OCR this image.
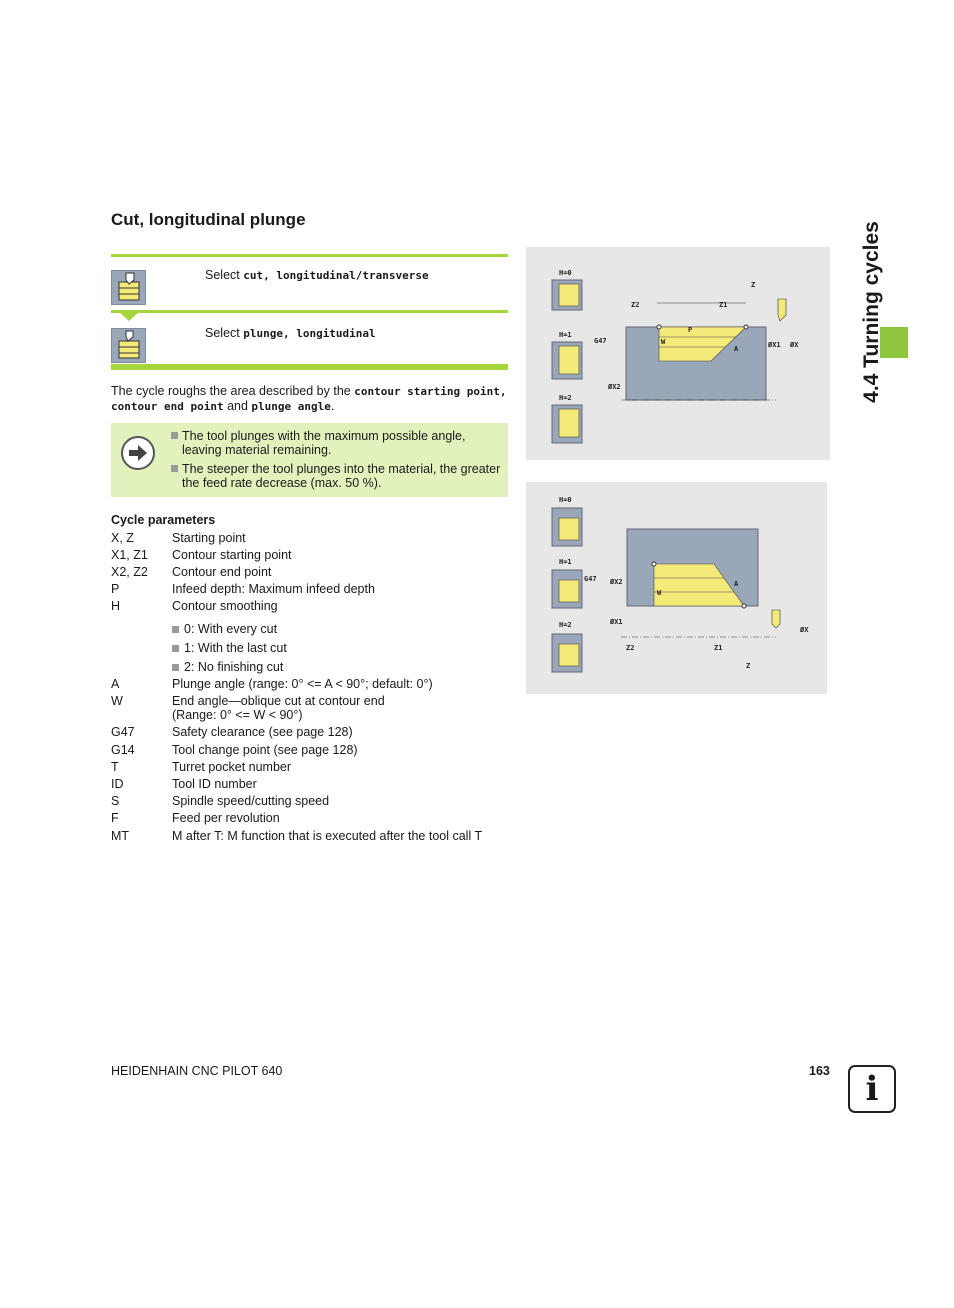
Cut, longitudinal plunge
Select cut, longitudinal/transverse
Select plunge, longitudinal
The cycle roughs the area described by the contour starting point, contour end point and plunge angle.
The tool plunges with the maximum possible angle, leaving material remaining.
The steeper the tool plunges into the material, the greater the feed rate decrease (max. 50 %).
Cycle parameters
X, Z	Starting point
X1, Z1	Contour starting point
X2, Z2	Contour end point
P	Infeed depth: Maximum infeed depth
H	Contour smoothing
0: With every cut
1: With the last cut
2: No finishing cut
A	Plunge angle (range: 0° <= A < 90°; default: 0°)
W	End angle—oblique cut at contour end
(Range: 0° <= W < 90°)
G47	Safety clearance (see page 128)
G14	Tool change point (see page 128)
T	Turret pocket number
ID	Tool ID number
S	Spindle speed/cutting speed
F	Feed per revolution
MT	M after T: M function that is executed after the tool call T
H=0
H=1
H=2
P
W
A
Z2	Z1
Z
G47
ØX2
ØX1 ØX
H=0
H=1
H=2
A
W
G47 ØX2
ØX1
Z2	Z1
Z
ØX
4.4 Turning cycles
HEIDENHAIN CNC PILOT 640	163 i
